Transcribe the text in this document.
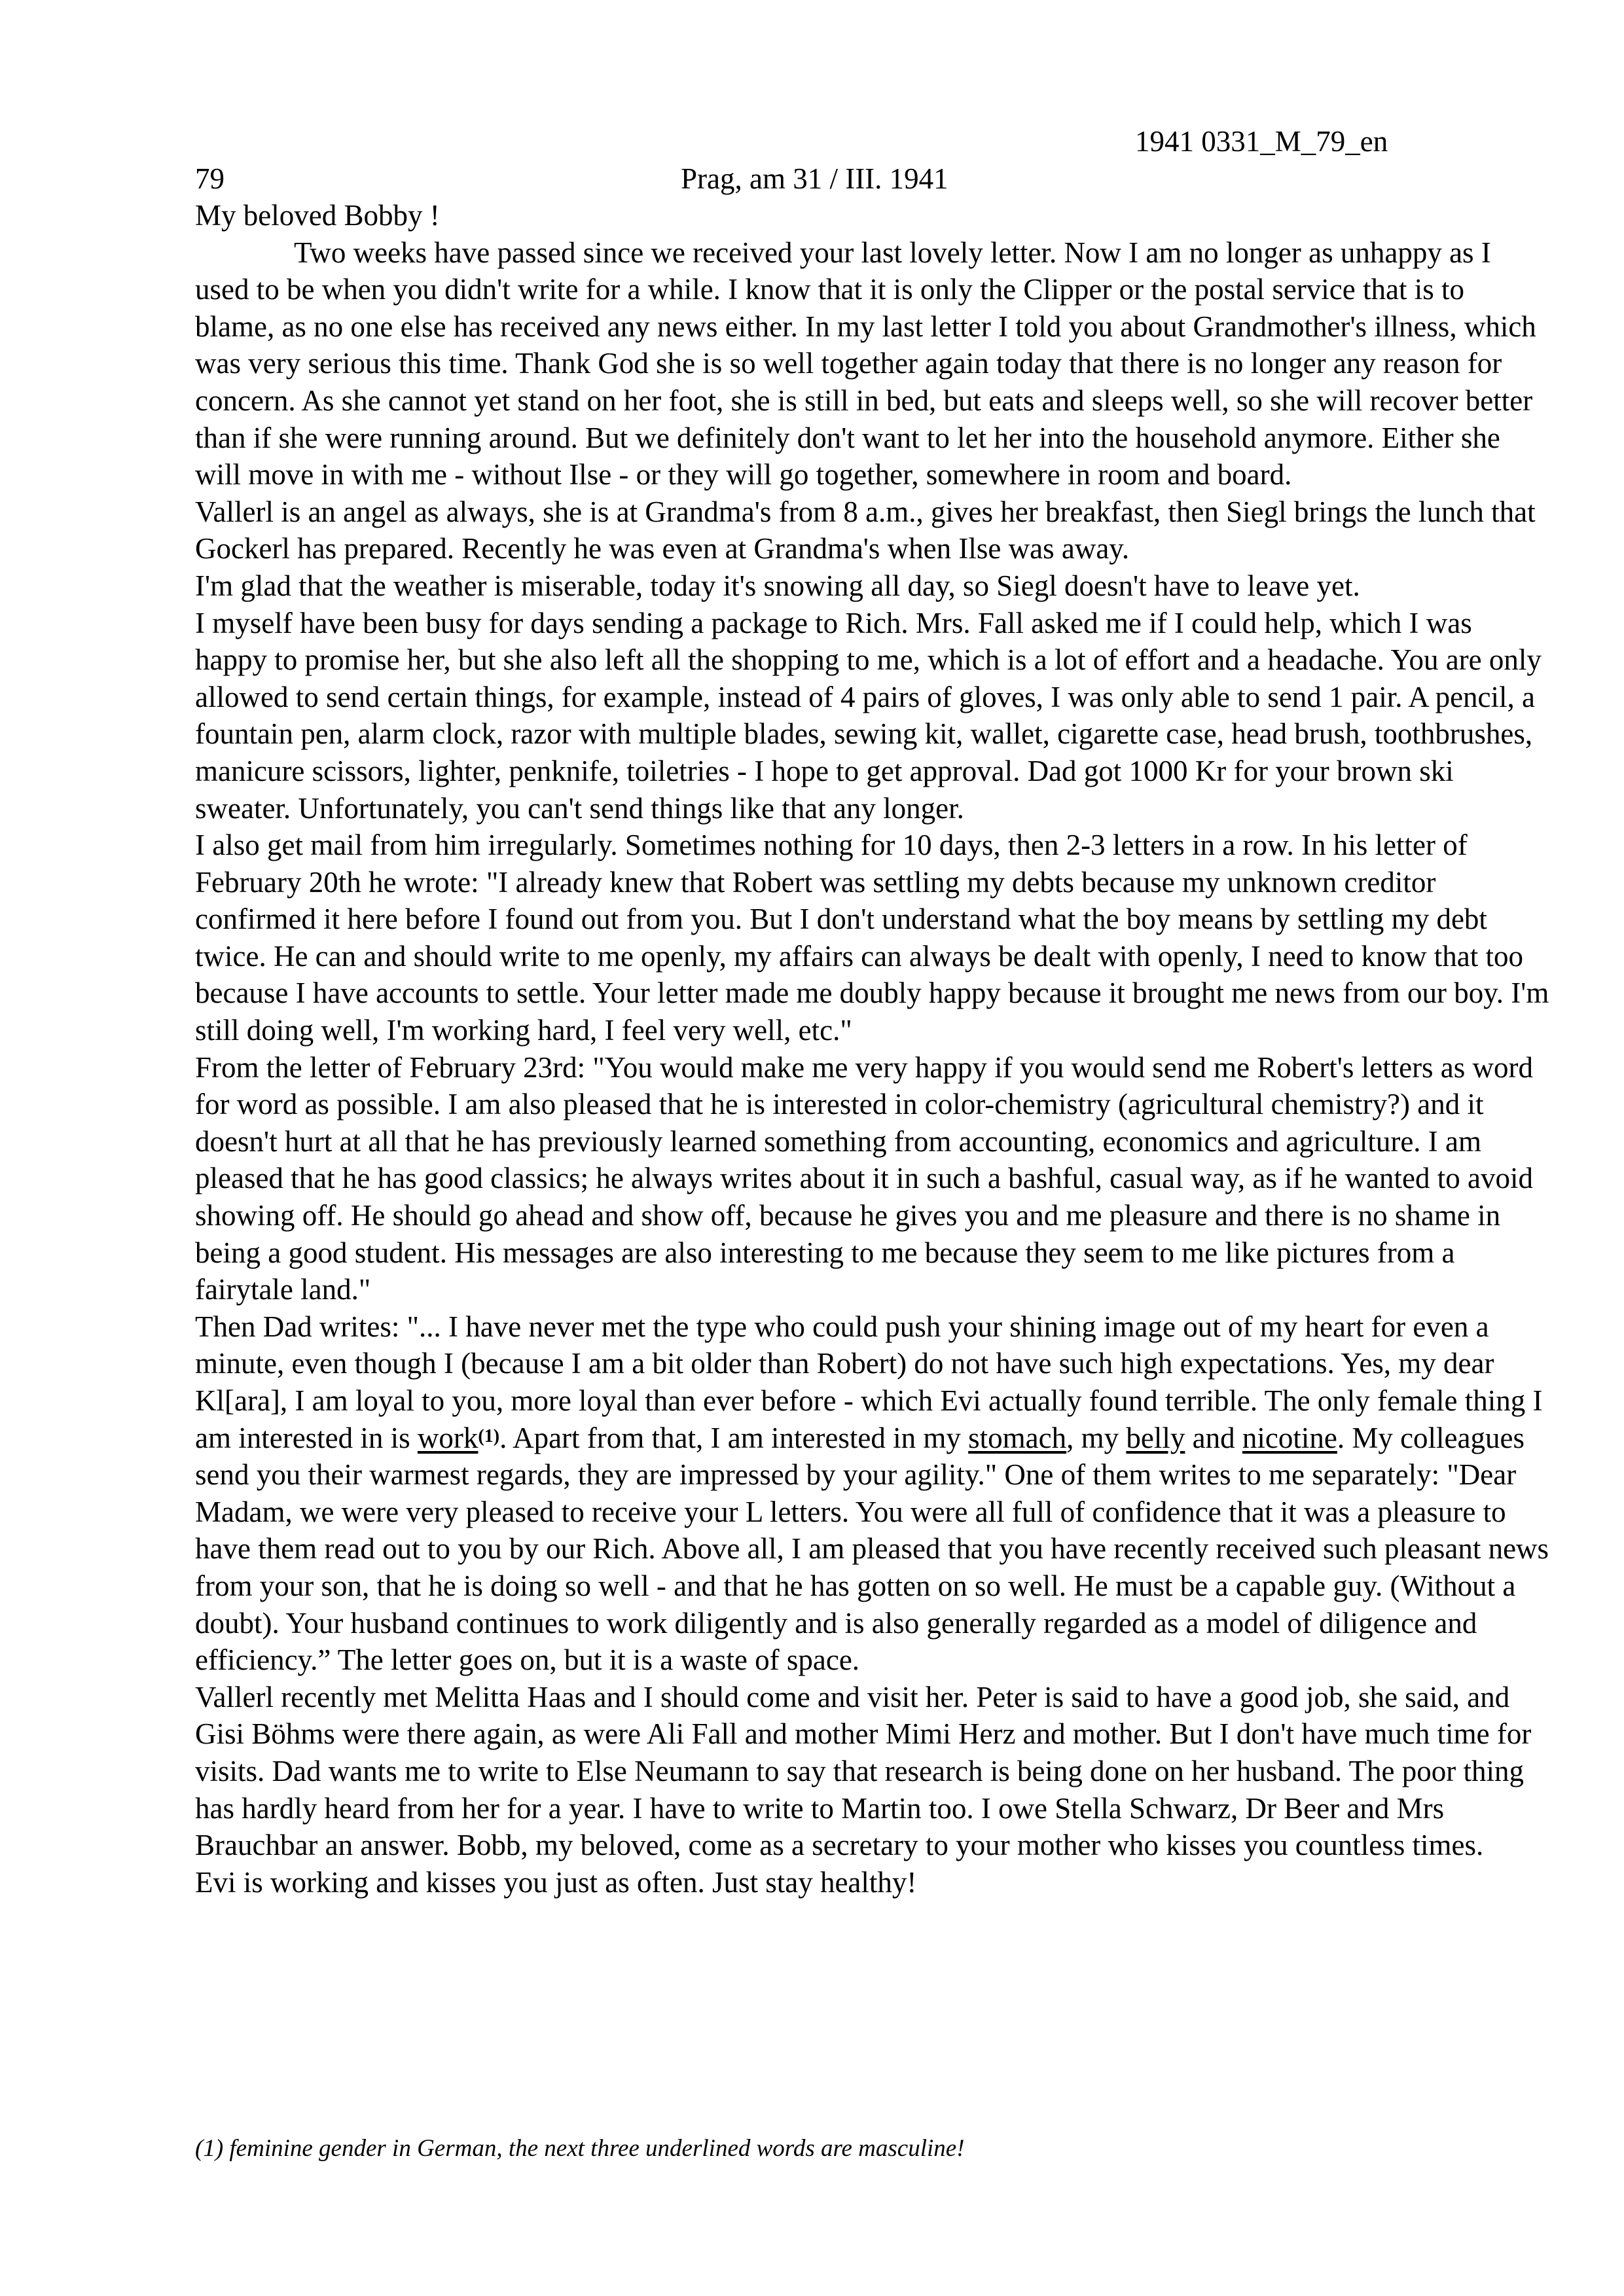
1941 0331_M_79_en
79	Prag, am 31 / III. 1941

My beloved Bobby !

Two weeks have passed since we received your last lovely letter. Now I am no longer as unhappy as I used to be when you didn't write for a while. I know that it is only the Clipper or the postal service that is to blame, as no one else has received any news either. In my last letter I told you about Grandmother's illness, which was very serious this time. Thank God she is so well together again today that there is no longer any reason for concern. As she cannot yet stand on her foot, she is still in bed, but eats and sleeps well, so she will recover better than if she were running around. But we definitely don't want to let her into the household anymore. Either she will move in with me - without Ilse - or they will go together, somewhere in room and board.

Vallerl is an angel as always, she is at Grandma's from 8 a.m., gives her breakfast, then Siegl brings the lunch that Gockerl has prepared. Recently he was even at Grandma's when Ilse was away.

I'm glad that the weather is miserable, today it's snowing all day, so Siegl doesn't have to leave yet.

I myself have been busy for days sending a package to Rich. Mrs. Fall asked me if I could help, which I was happy to promise her, but she also left all the shopping to me, which is a lot of effort and a headache. You are only allowed to send certain things, for example, instead of 4 pairs of gloves, I was only able to send 1 pair. A pencil, a fountain pen, alarm clock, razor with multiple blades, sewing kit, wallet, cigarette case, head brush, toothbrushes, manicure scissors, lighter, penknife, toiletries - I hope to get approval. Dad got 1000 Kr for your brown ski sweater. Unfortunately, you can't send things like that any longer.

I also get mail from him irregularly. Sometimes nothing for 10 days, then 2-3 letters in a row. In his letter of February 20th he wrote: "I already knew that Robert was settling my debts because my unknown creditor confirmed it here before I found out from you. But I don't understand what the boy means by settling my debt twice. He can and should write to me openly, my affairs can always be dealt with openly, I need to know that too because I have accounts to settle. Your letter made me doubly happy because it brought me news from our boy. I'm still doing well, I'm working hard, I feel very well, etc."

From the letter of February 23rd: "You would make me very happy if you would send me Robert's letters as word for word as possible. I am also pleased that he is interested in color-chemistry (agricultural chemistry?) and it doesn't hurt at all that he has previously learned something from accounting, economics and agriculture. I am pleased that he has good classics; he always writes about it in such a bashful, casual way, as if he wanted to avoid showing off. He should go ahead and show off, because he gives you and me pleasure and there is no shame in being a good student. His messages are also interesting to me because they seem to me like pictures from a fairytale land."

Then Dad writes: "... I have never met the type who could push your shining image out of my heart for even a minute, even though I (because I am a bit older than Robert) do not have such high expectations. Yes, my dear Kl[ara], I am loyal to you, more loyal than ever before - which Evi actually found terrible. The only female thing I am interested in is work$^{(1)}$. Apart from that, I am interested in my stomach, my belly and nicotine. My colleagues send you their warmest regards, they are impressed by your agility." One of them writes to me separately: "Dear Madam, we were very pleased to receive your L letters. You were all full of confidence that it was a pleasure to have them read out to you by our Rich. Above all, I am pleased that you have recently received such pleasant news from your son, that he is doing so well - and that he has gotten on so well. He must be a capable guy. (Without a doubt). Your husband continues to work diligently and is also generally regarded as a model of diligence and efficiency.” The letter goes on, but it is a waste of space.

Vallerl recently met Melitta Haas and I should come and visit her. Peter is said to have a good job, she said, and Gisi Böhms were there again, as were Ali Fall and mother Mimi Herz and mother. But I don't have much time for visits. Dad wants me to write to Else Neumann to say that research is being done on her husband. The poor thing has hardly heard from her for a year. I have to write to Martin too. I owe Stella Schwarz, Dr Beer and Mrs Brauchbar an answer. Bobb, my beloved, come as a secretary to your mother who kisses you countless times.

Evi is working and kisses you just as often. Just stay healthy!

(1) feminine gender in German, the next three underlined words are masculine!
